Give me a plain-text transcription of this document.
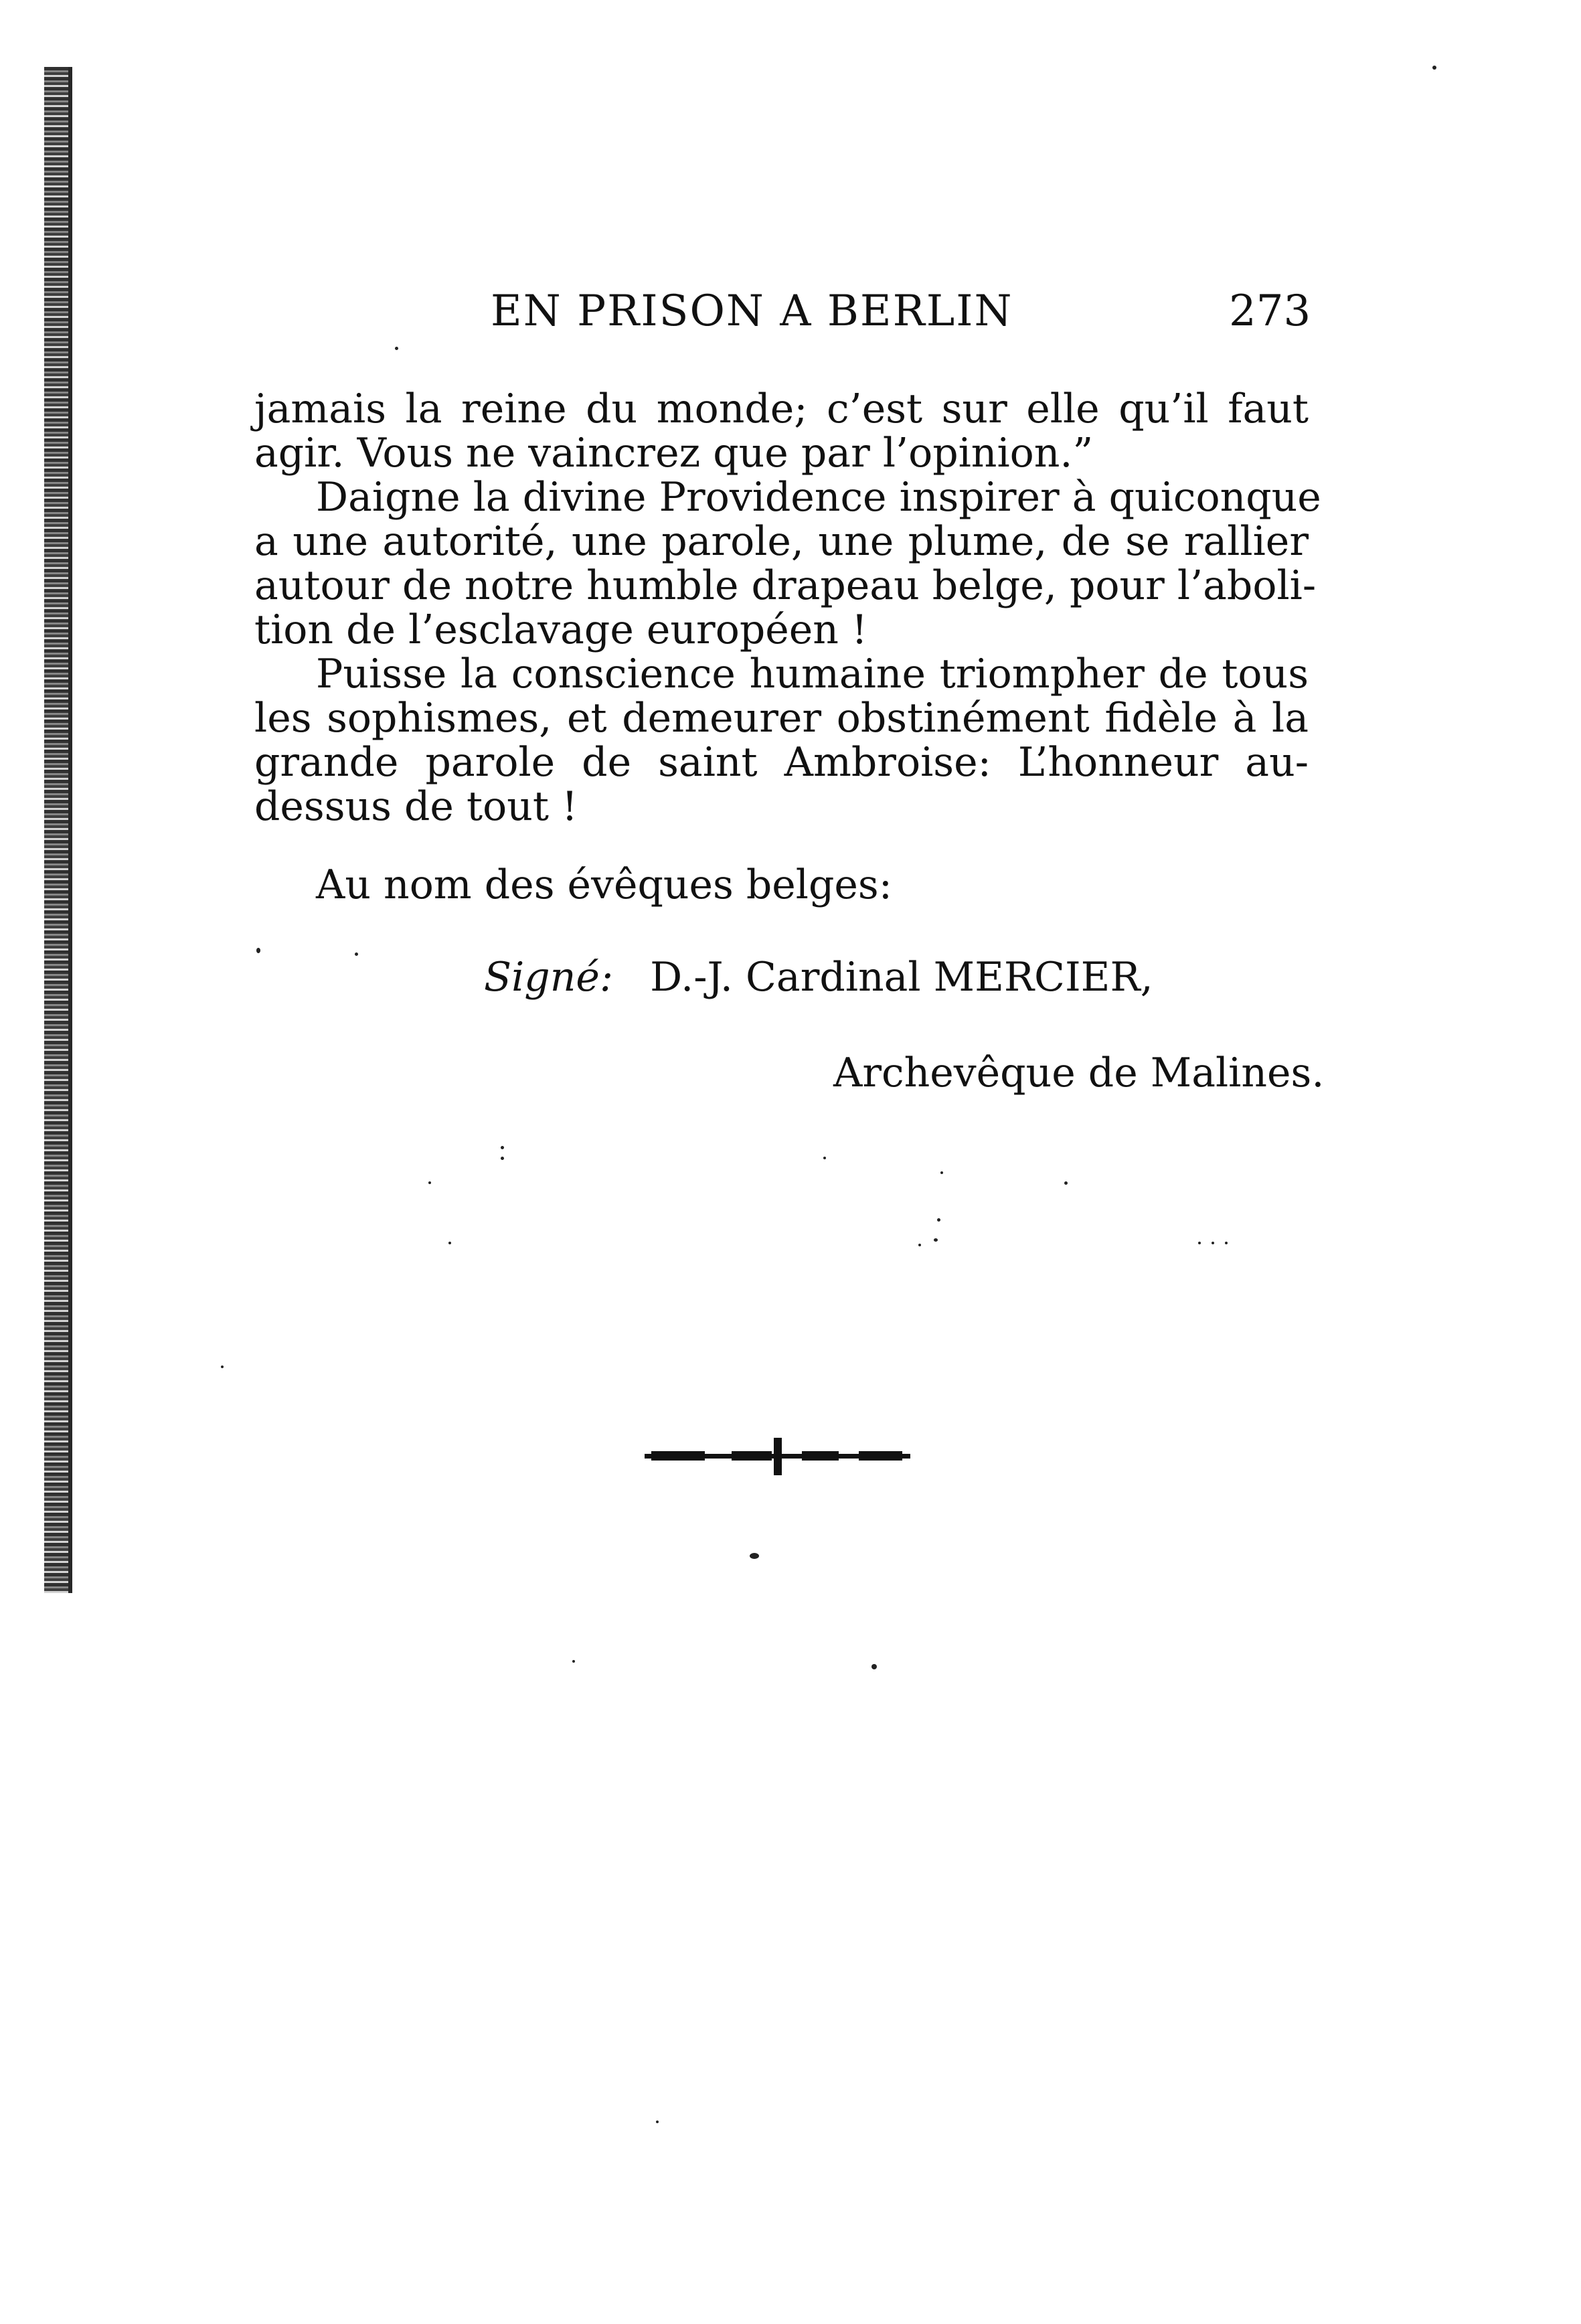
EN PRISON A BERLIN	273
jamais la reine du monde; c’est sur elle qu’il faut
agir. Vous ne vaincrez que par l’opinion.”
Daigne la divine Providence inspirer à quiconque
a une autorité, une parole, une plume, de se rallier
autour de notre humble drapeau belge, pour l’aboli-
tion de l’esclavage européen !
Puisse la conscience humaine triompher de tous
les sophismes, et demeurer obstinément fidèle à la
grande parole de saint Ambroise: L’honneur au-
dessus de tout !
Au nom des évêques belges:
Signé: D.-J. Cardinal MERCIER,
Archevêque de Malines.
